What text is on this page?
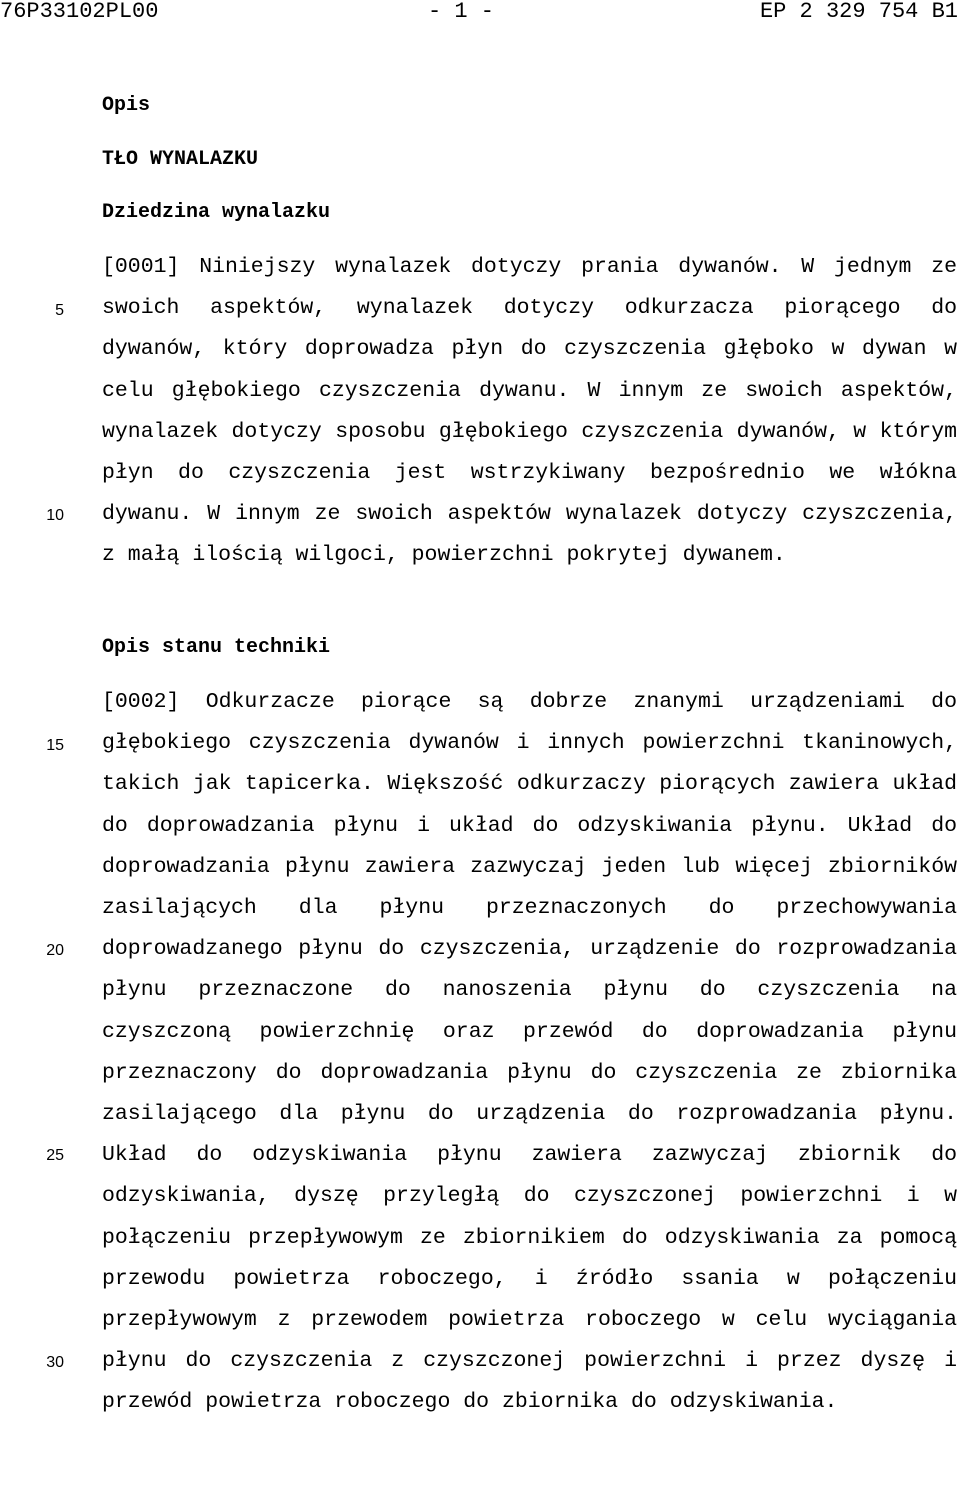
76P33102PL00	- 1 -	EP 2 329 754 B1
Opis
TŁO WYNALAZKU
Dziedzina wynalazku

[0001] Niniejszy wynalazek dotyczy prania dywanów. W jednym ze swoich aspektów, wynalazek dotyczy odkurzacza piorącego do dywanów, który doprowadza płyn do czyszczenia głęboko w dywan w celu głębokiego czyszczenia dywanu. W innym ze swoich aspektów, wynalazek dotyczy sposobu głębokiego czyszczenia dywanów, w którym płyn do czyszczenia jest wstrzykiwany bezpośrednio we włókna dywanu. W innym ze swoich aspektów wynalazek dotyczy czyszczenia, z małą ilością wilgoci, powierzchni pokrytej dywanem.

Opis stanu techniki

[0002] Odkurzacze piorące są dobrze znanymi urządzeniami do głębokiego czyszczenia dywanów i innych powierzchni tkaninowych, takich jak tapicerka. Większość odkurzaczy piorących zawiera układ do doprowadzania płynu i układ do odzyskiwania płynu. Układ do doprowadzania płynu zawiera zazwyczaj jeden lub więcej zbiorników zasilających dla płynu przeznaczonych do przechowywania doprowadzanego płynu do czyszczenia, urządzenie do rozprowadzania płynu przeznaczone do nanoszenia płynu do czyszczenia na czyszczoną powierzchnię oraz przewód do doprowadzania płynu przeznaczony do doprowadzania płynu do czyszczenia ze zbiornika zasilającego dla płynu do urządzenia do rozprowadzania płynu. Układ do odzyskiwania płynu zawiera zazwyczaj zbiornik do odzyskiwania, dyszę przyległą do czyszczonej powierzchni i w połączeniu przepływowym ze zbiornikiem do odzyskiwania za pomocą przewodu powietrza roboczego, i źródło ssania w połączeniu przepływowym z przewodem powietrza roboczego w celu wyciągania płynu do czyszczenia z czyszczonej powierzchni i przez dyszę i przewód powietrza roboczego do zbiornika do odzyskiwania.

5
10
15
20
25
30
